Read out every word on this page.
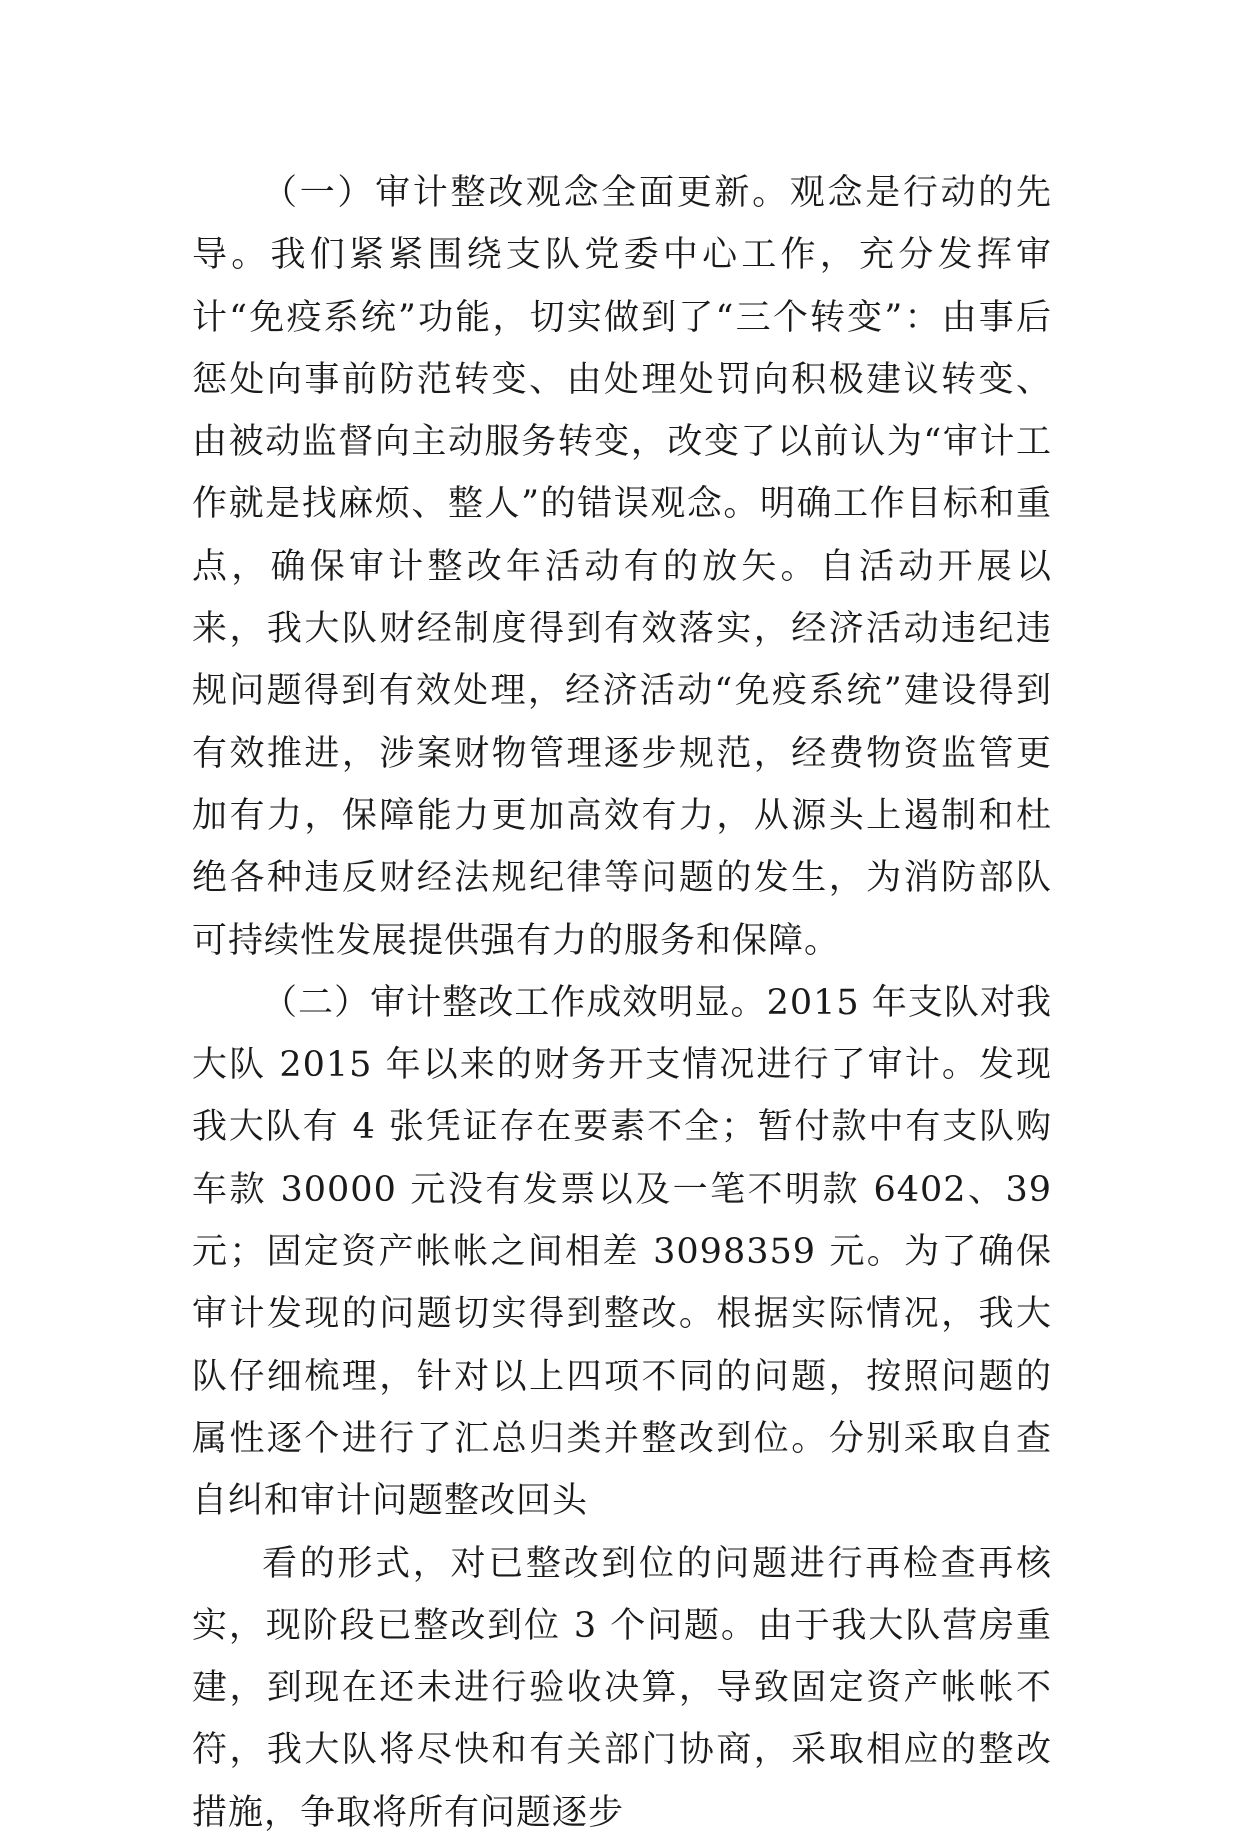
（一）审计整改观念全面更新。观念是行动的先导。我们紧紧围绕支队党委中心工作，充分发挥审计“免疫系统”功能，切实做到了“三个转变”：由事后惩处向事前防范转变、由处理处罚向积极建议转变、由被动监督向主动服务转变，改变了以前认为“审计工作就是找麻烦、整人”的错误观念。明确工作目标和重点，确保审计整改年活动有的放矢。自活动开展以来，我大队财经制度得到有效落实，经济活动违纪违规问题得到有效处理，经济活动“免疫系统”建设得到有效推进，涉案财物管理逐步规范，经费物资监管更加有力，保障能力更加高效有力，从源头上遏制和杜绝各种违反财经法规纪律等问题的发生，为消防部队可持续性发展提供强有力的服务和保障。

（二）审计整改工作成效明显。2015 年支队对我大队 2015 年以来的财务开支情况进行了审计。发现我大队有 4 张凭证存在要素不全；暂付款中有支队购车款 30000 元没有发票以及一笔不明款 6402、39 元；固定资产帐帐之间相差 3098359 元。为了确保审计发现的问题切实得到整改。根据实际情况，我大队仔细梳理，针对以上四项不同的问题，按照问题的属性逐个进行了汇总归类并整改到位。分别采取自查自纠和审计问题整改回头

看的形式，对已整改到位的问题进行再检查再核实，现阶段已整改到位 3 个问题。由于我大队营房重建，到现在还未进行验收决算，导致固定资产帐帐不符，我大队将尽快和有关部门协商，采取相应的整改措施，争取将所有问题逐步
